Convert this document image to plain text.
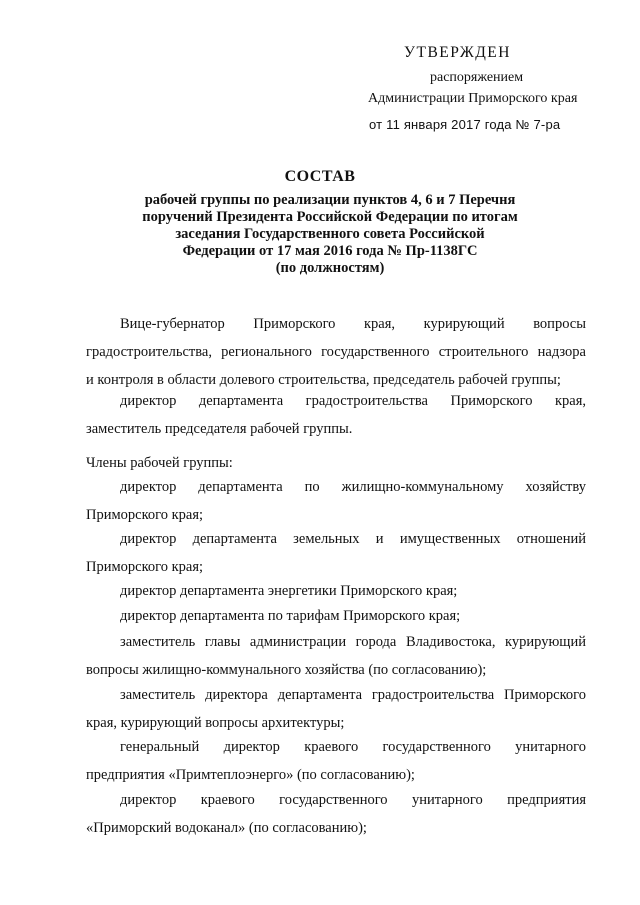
УТВЕРЖДЕН
распоряжением
Администрации Приморского края
от 11 января 2017 года № 7-ра
СОСТАВ
рабочей группы по реализации пунктов 4, 6 и 7 Перечня
поручений Президента Российской Федерации по итогам
заседания Государственного совета Российской
Федерации от 17 мая 2016 года № Пр-1138ГС
(по должностям)
Вице-губернатор Приморского края, курирующий вопросы
градостроительства, регионального государственного строительного надзора
и контроля в области долевого строительства, председатель рабочей группы;
директор департамента градостроительства Приморского края,
заместитель председателя рабочей группы.
Члены рабочей группы:
директор департамента по жилищно-коммунальному хозяйству
Приморского края;
директор департамента земельных и имущественных отношений
Приморского края;
директор департамента энергетики Приморского края;
директор департамента по тарифам Приморского края;
заместитель главы администрации города Владивостока, курирующий
вопросы жилищно-коммунального хозяйства (по согласованию);
заместитель директора департамента градостроительства Приморского
края, курирующий вопросы архитектуры;
генеральный директор краевого государственного унитарного
предприятия «Примтеплоэнерго» (по согласованию);
директор краевого государственного унитарного предприятия
«Приморский водоканал» (по согласованию);
